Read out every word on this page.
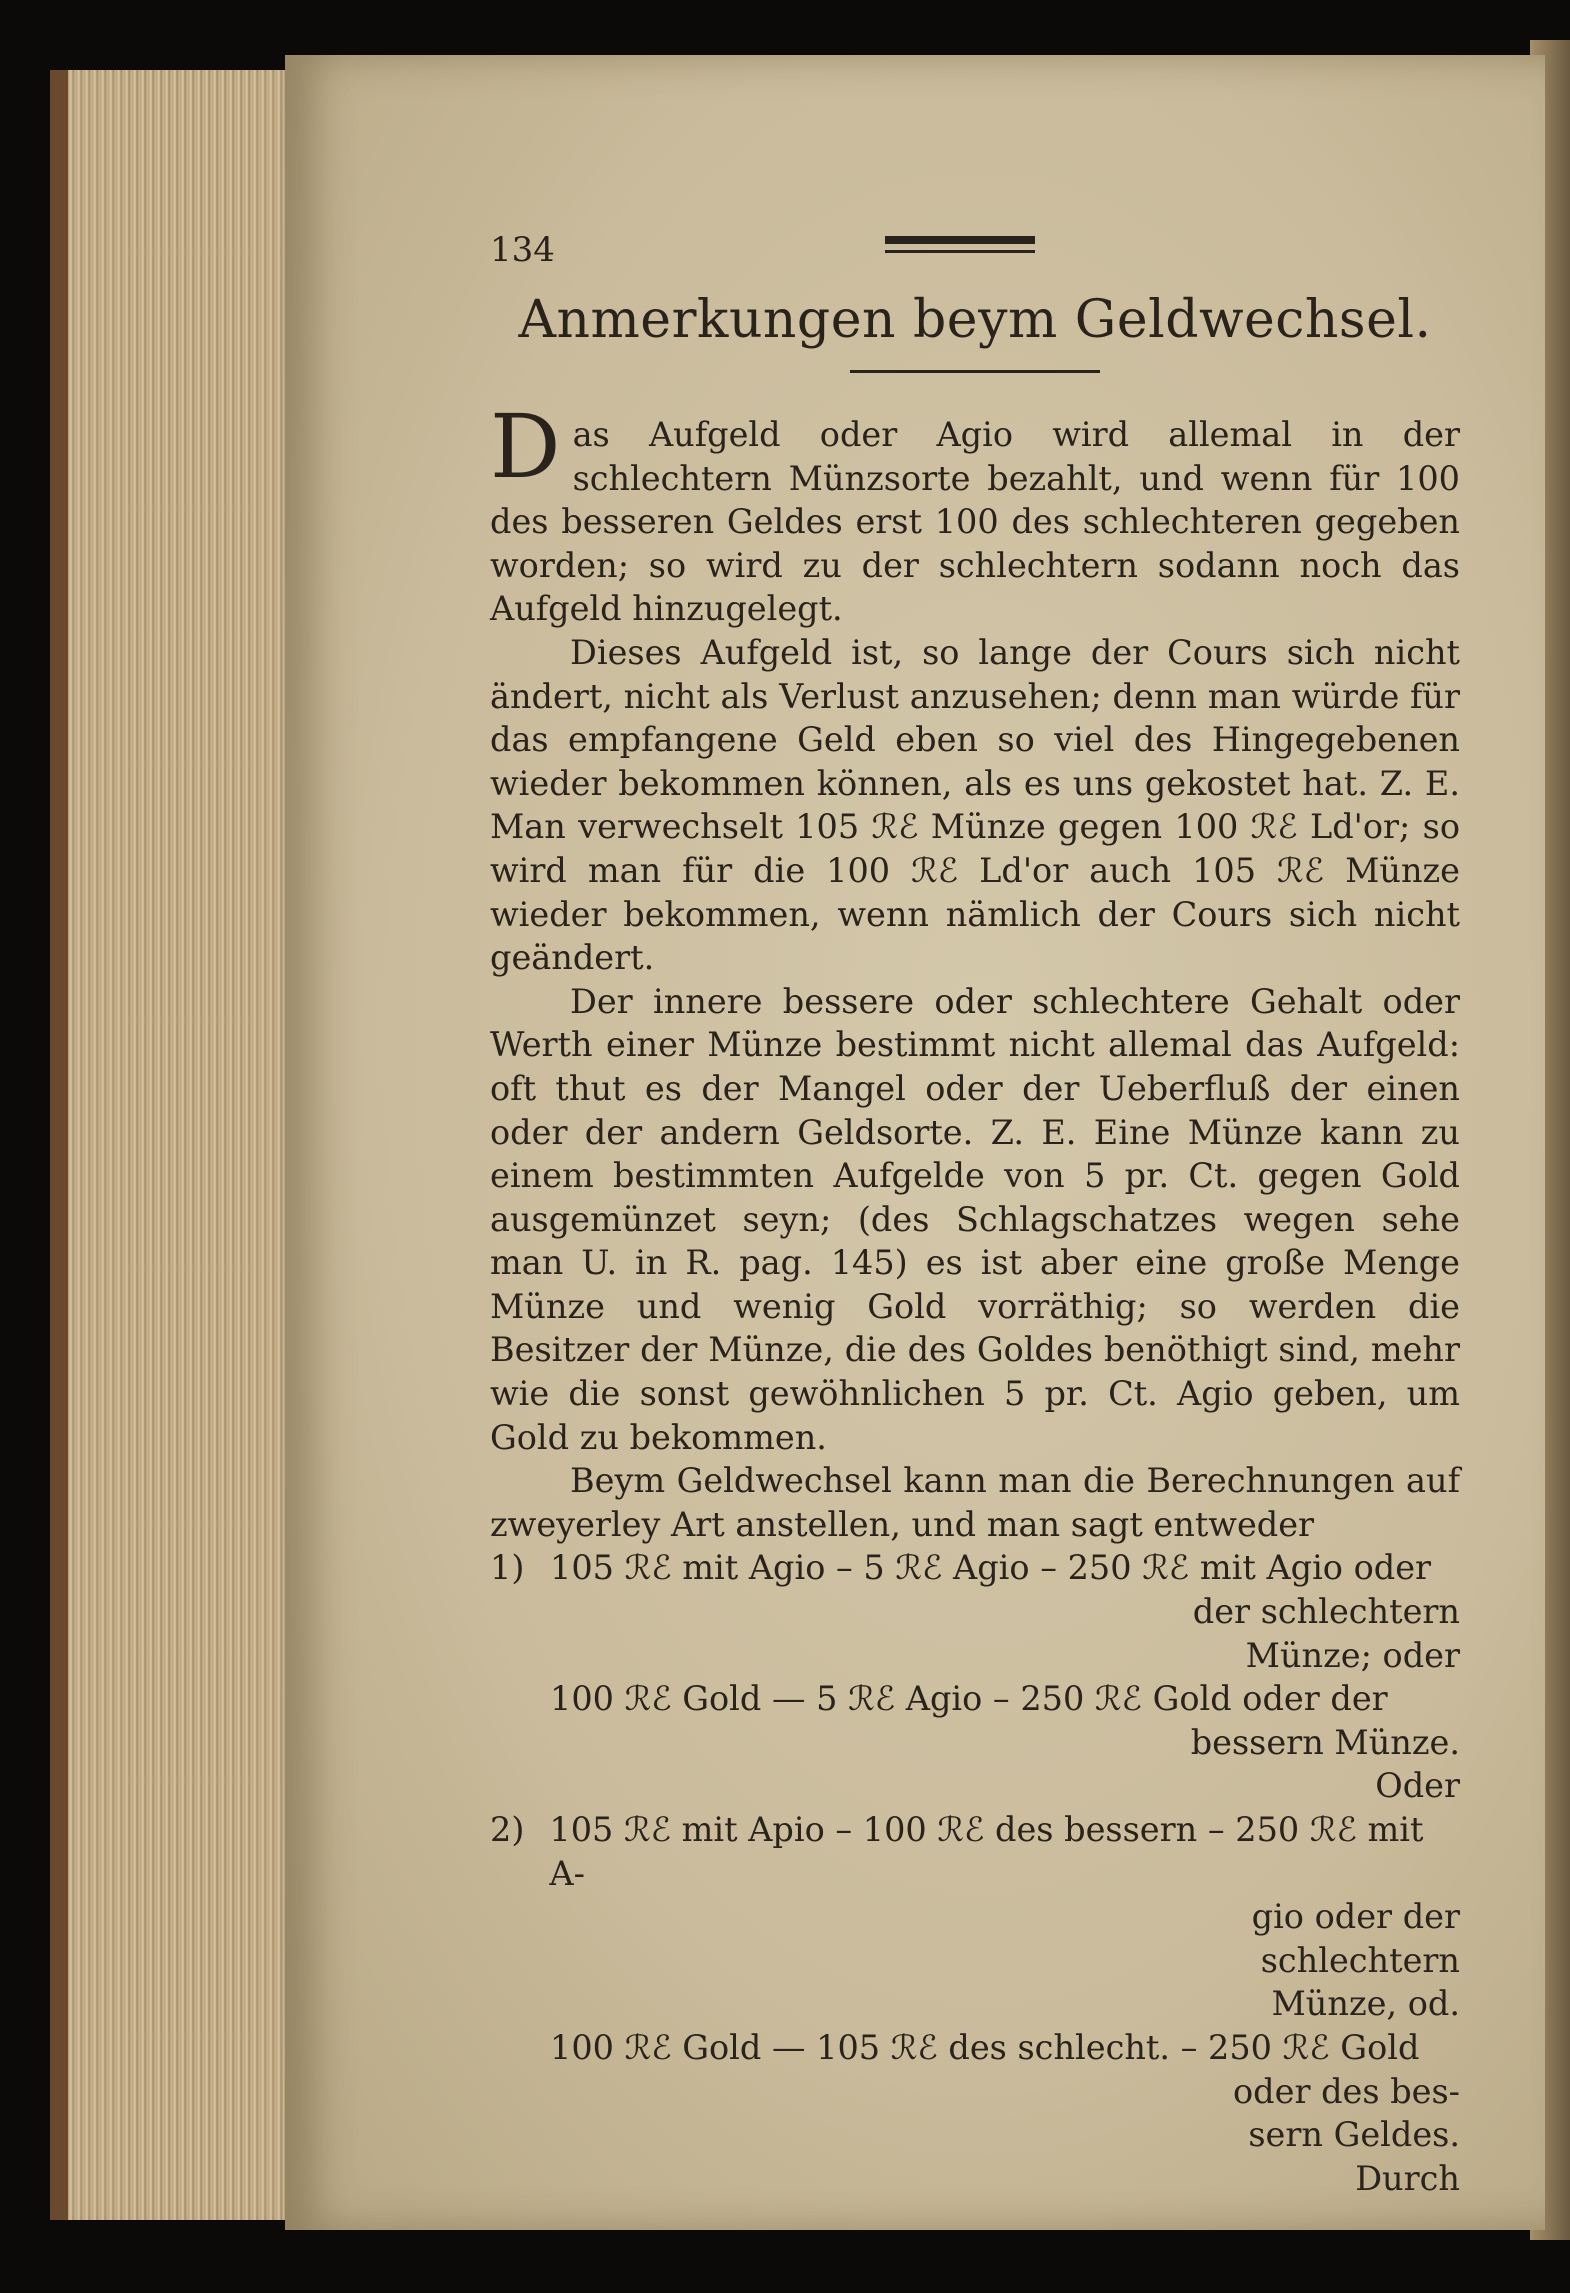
134
Anmerkungen beym Geldwechsel.

Das Aufgeld oder Agio wird allemal in der schlechtern Münzsorte bezahlt, und wenn für 100 des besseren Geldes erst 100 des schlechteren gegeben worden; so wird zu der schlechtern sodann noch das Aufgeld hinzugelegt.

Dieses Aufgeld ist, so lange der Cours sich nicht ändert, nicht als Verlust anzusehen; denn man würde für das empfangene Geld eben so viel des Hingegebenen wieder bekommen können, als es uns gekostet hat. Z. E. Man verwechselt 105 ℛℰ Münze gegen 100 ℛℰ Ld'or; so wird man für die 100 ℛℰ Ld'or auch 105 ℛℰ Münze wieder bekommen, wenn nämlich der Cours sich nicht geändert.

Der innere bessere oder schlechtere Gehalt oder Werth einer Münze bestimmt nicht allemal das Aufgeld: oft thut es der Mangel oder der Ueberfluß der einen oder der andern Geldsorte. Z. E. Eine Münze kann zu einem bestimmten Aufgelde von 5 pr. Ct. gegen Gold ausgemünzet seyn; (des Schlagschatzes wegen sehe man U. in R. pag. 145) es ist aber eine große Menge Münze und wenig Gold vorräthig; so werden die Besitzer der Münze, die des Goldes benöthigt sind, mehr wie die sonst gewöhnlichen 5 pr. Ct. Agio geben, um Gold zu bekommen.

Beym Geldwechsel kann man die Berechnungen auf zweyerley Art anstellen, und man sagt entweder

1) 105 ℛℰ mit Agio – 5 ℛℰ Agio – 250 ℛℰ mit Agio oder
der schlechtern
Münze; oder
100 ℛℰ Gold — 5 ℛℰ Agio – 250 ℛℰ Gold oder der
bessern Münze.
Oder
2) 105 ℛℰ mit Apio – 100 ℛℰ des bessern – 250 ℛℰ mit A-
gio oder der
schlechtern
Münze, od.
100 ℛℰ Gold — 105 ℛℰ des schlecht. – 250 ℛℰ Gold
oder des bes-
sern Geldes.
Durch
